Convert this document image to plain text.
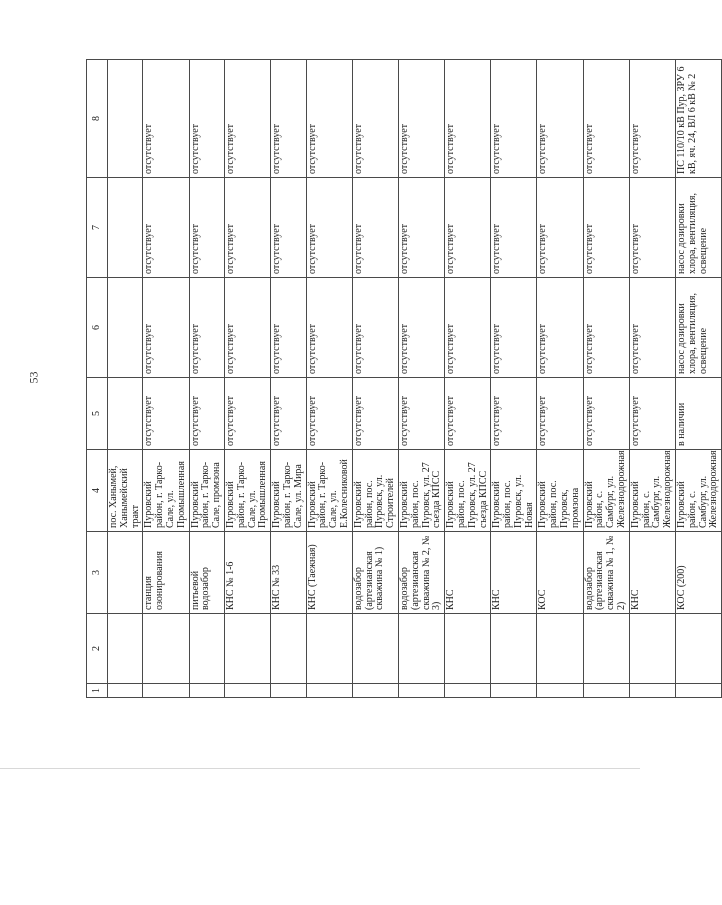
53
1	2	3	4	5	6	7	8
			пос. Ханымей, Ханымейский тракт				
		станция озонирования	Пуровский район, г. Тарко-Сале, ул. Промышленная	отсутствует	отсутствует	отсутствует	отсутствует
		питьевой водозабор	Пуровский район, г. Тарко-Сале, промзона	отсутствует	отсутствует	отсутствует	отсутствует
		КНС № 1-6	Пуровский район, г. Тарко-Сале, ул. Промышленная	отсутствует	отсутствует	отсутствует	отсутствует
		КНС № 33	Пуровский район, г. Тарко-Сале, ул. Мира	отсутствует	отсутствует	отсутствует	отсутствует
		КНС (Таежная)	Пуровский район, г. Тарко-Сале, ул. Е.Колесниковой	отсутствует	отсутствует	отсутствует	отсутствует
		водозабор (артезианская скважина № 1)	Пуровский район, пос. Пуровск, ул. Строителей	отсутствует	отсутствует	отсутствует	отсутствует
		водозабор (артезианская скважина № 2, № 3)	Пуровский район, пос. Пуровск, ул. 27 съезда КПСС	отсутствует	отсутствует	отсутствует	отсутствует
		КНС	Пуровский район, пос. Пуровск, ул. 27 съезда КПСС	отсутствует	отсутствует	отсутствует	отсутствует
		КНС	Пуровский район, пос. Пуровск, ул. Новая	отсутствует	отсутствует	отсутствует	отсутствует
		КОС	Пуровский район, пос. Пуровск, промзона	отсутствует	отсутствует	отсутствует	отсутствует
		водозабор (артезианская скважина № 1, № 2)	Пуровский район, с. Самбург, ул. Железнодорожная	отсутствует	отсутствует	отсутствует	отсутствует
		КНС	Пуровский район, с. Самбург, ул. Железнодорожная	отсутствует	отсутствует	отсутствует	отсутствует
		КОС (200)	Пуровский район, с. Самбург, ул. Железнодорожная	в наличии	насос дозировки хлора, вентиляция, освещение	насос дозировки хлора, вентиляция, освещение	ПС 110/10 кВ Пур, ЗРУ 6 кВ, яч. 24, ВЛ 6 кВ № 2
